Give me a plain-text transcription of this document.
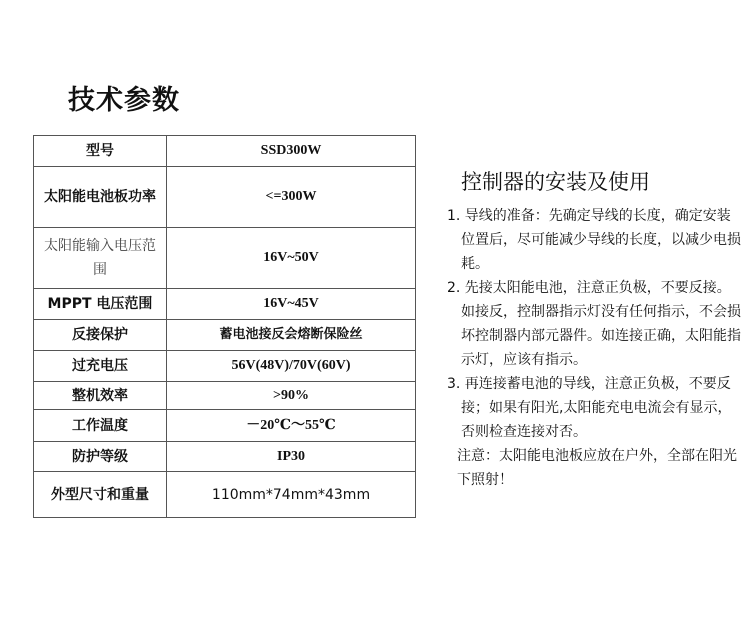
技术参数
型号	SSD300W
太阳能电池板功率	<=300W
太阳能输入电压范围	16V~50V
MPPT 电压范围	16V~45V
反接保护	蓄电池接反会熔断保险丝
过充电压	56V(48V)/70V(60V)
整机效率	>90%
工作温度	－20℃～55℃
防护等级	IP30
外型尺寸和重量	110mm*74mm*43mm
控制器的安装及使用
1. 导线的准备：先确定导线的长度，确定安装位置后，尽可能减少导线的长度，以减少电损耗。
2. 先接太阳能电池，注意正负极，不要反接。如接反，控制器指示灯没有任何指示，不会损坏控制器内部元器件。如连接正确，太阳能指示灯，应该有指示。
3. 再连接蓄电池的导线，注意正负极，不要反接；如果有阳光,太阳能充电电流会有显示，否则检查连接对否。
注意：太阳能电池板应放在户外，全部在阳光下照射！
